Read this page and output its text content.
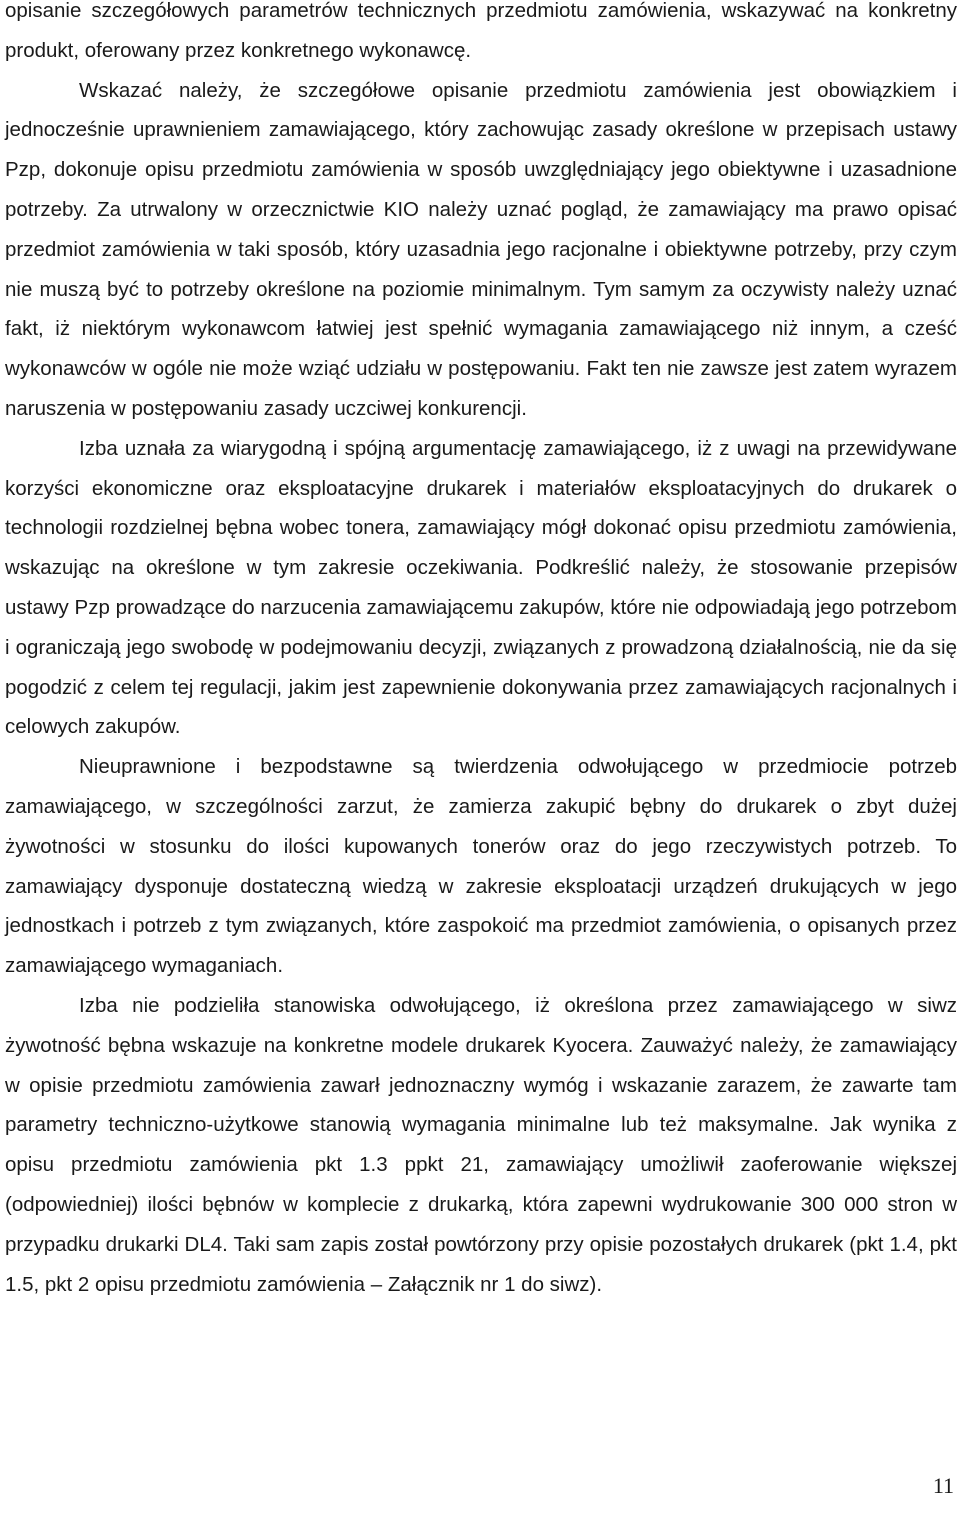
opisanie szczegółowych parametrów technicznych przedmiotu zamówienia, wskazywać na konkretny produkt, oferowany przez konkretnego wykonawcę.

Wskazać należy, że szczegółowe opisanie przedmiotu zamówienia jest obowiązkiem i jednocześnie uprawnieniem zamawiającego, który zachowując zasady określone w przepisach ustawy Pzp, dokonuje opisu przedmiotu zamówienia w sposób uwzględniający jego obiektywne i uzasadnione potrzeby. Za utrwalony w orzecznictwie KIO należy uznać pogląd, że zamawiający ma prawo opisać przedmiot zamówienia w taki sposób, który uzasadnia jego racjonalne i obiektywne potrzeby, przy czym nie muszą być to potrzeby określone na poziomie minimalnym. Tym samym za oczywisty należy uznać fakt, iż niektórym wykonawcom łatwiej jest spełnić wymagania zamawiającego niż innym, a cześć wykonawców w ogóle nie może wziąć udziału w postępowaniu. Fakt ten nie zawsze jest zatem wyrazem naruszenia w postępowaniu zasady uczciwej konkurencji.

Izba uznała za wiarygodną i spójną argumentację zamawiającego, iż z uwagi na przewidywane korzyści ekonomiczne oraz eksploatacyjne drukarek i materiałów eksploatacyjnych do drukarek o technologii rozdzielnej bębna wobec tonera, zamawiający mógł dokonać opisu przedmiotu zamówienia, wskazując na określone w tym zakresie oczekiwania. Podkreślić należy, że stosowanie przepisów ustawy Pzp prowadzące do narzucenia zamawiającemu zakupów, które nie odpowiadają jego potrzebom i ograniczają jego swobodę w podejmowaniu decyzji, związanych z prowadzoną działalnością, nie da się pogodzić z celem tej regulacji, jakim jest zapewnienie dokonywania przez zamawiających racjonalnych i celowych zakupów.

Nieuprawnione i bezpodstawne są twierdzenia odwołującego w przedmiocie potrzeb zamawiającego, w szczególności zarzut, że zamierza zakupić bębny do drukarek o zbyt dużej żywotności w stosunku do ilości kupowanych tonerów oraz do jego rzeczywistych potrzeb. To zamawiający dysponuje dostateczną wiedzą w zakresie eksploatacji urządzeń drukujących w jego jednostkach i potrzeb z tym związanych, które zaspokoić ma przedmiot zamówienia, o opisanych przez zamawiającego wymaganiach.

Izba nie podzieliła stanowiska odwołującego, iż określona przez zamawiającego w siwz żywotność bębna wskazuje na konkretne modele drukarek Kyocera. Zauważyć należy, że zamawiający w opisie przedmiotu zamówienia zawarł jednoznaczny wymóg i wskazanie zarazem, że zawarte tam parametry techniczno-użytkowe stanowią wymagania minimalne lub też maksymalne. Jak wynika z opisu przedmiotu zamówienia pkt 1.3 ppkt 21, zamawiający umożliwił zaoferowanie większej (odpowiedniej) ilości bębnów w komplecie z drukarką, która zapewni wydrukowanie 300 000 stron w przypadku drukarki DL4. Taki sam zapis został powtórzony przy opisie pozostałych drukarek (pkt 1.4, pkt 1.5, pkt 2 opisu przedmiotu zamówienia – Załącznik nr 1 do siwz).

11
